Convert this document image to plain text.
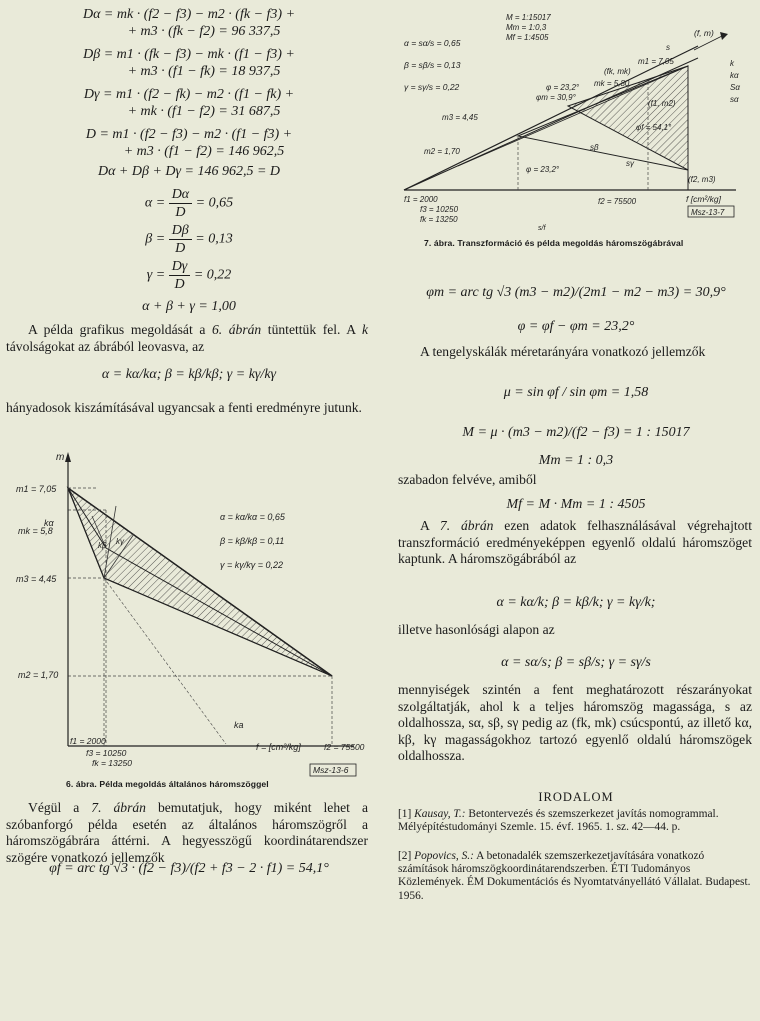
Dα = mk · (f2 − f3) − m2 · (fk − f3) +
+ m3 · (fk − f2) = 96 337,5
Dβ = m1 · (fk − f3) − mk · (f1 − f3) +
+ m3 · (f1 − fk) = 18 937,5
Dγ = m1 · (f2 − fk) − m2 · (f1 − fk) +
+ mk · (f1 − f2) = 31 687,5
D = m1 · (f2 − f3) − m2 · (f1 − f3) +
+ m3 · (f1 − f2) = 146 962,5
Dα + Dβ + Dγ = 146 962,5 = D
$\alpha = \frac{D\alpha}{D} = 0,65$
$\beta = \frac{D\beta}{D} = 0,13$
$\gamma = \frac{D\gamma}{D} = 0,22$
α + β + γ = 1,00
A példa grafikus megoldását a 6. ábrán tüntettük fel. A k távolságokat az ábrából leovasva, az
α = kα/kα; β = kβ/kβ; γ = kγ/kγ
hányadosok kiszámításával ugyancsak a fenti eredményre jutunk.
m
m1 = 7,05
mk = 5,8
m3 = 4,45
m2 = 1,70
f1 = 2000
f3 = 10250
fk = 13250
f2 = 75500
f = [cm²/kg]
kα
kβ kγ
ka
α = kα/kα = 0,65
β = kβ/kβ = 0,11
γ = kγ/kγ = 0,22
Msz-13-6
6. ábra. Példa megoldás általános háromszöggel
Végül a 7. ábrán bemutatjuk, hogy miként lehet a szóbanforgó példa esetén az általános háromszögről a háromszögábrára áttérni. A hegyesszögű koordinátarendszer szögére vonatkozó jellemzők
φf = arc tg √3 · (f2 − f3)/(f2 + f3 − 2 · f1) = 54,1°
α = sα/s = 0,65
β = sβ/s = 0,13
γ = sγ/s = 0,22
M = 1:15017
Mm = 1:0,3
Mf = 1:4505	(f, m)
m1 = 7,05
mk = 5,80
m3 = 4,45
m2 = 1,70
φ = 23,2°
φm = 30,9°
φf = 54,1°
φ = 23,2°
(fk, mk)
s
sβ
sγ
k
kα
Sα
sα
(f1, m2)
(f2, m3)
f1 = 2000
f3 = 10250
fk = 13250
f2 = 75500	f [cm²/kg]
Msz-13-7
s/f
7. ábra. Transzformáció és példa megoldás háromszögábrával
φm = arc tg √3 (m3 − m2)/(2m1 − m2 − m3) = 30,9°
φ = φf − φm = 23,2°
A tengelyskálák méretarányára vonatkozó jellemzők
μ = sin φf / sin φm = 1,58
M = μ · (m3 − m2)/(f2 − f3) = 1 : 15017
Mm = 1 : 0,3
szabadon felvéve, amiből
Mf = M · Mm = 1 : 4505
A 7. ábrán ezen adatok felhasználásával végrehajtott transzformáció eredményeképpen egyenlő oldalú háromszöget kaptunk. A háromszögábrából az
α = kα/k; β = kβ/k; γ = kγ/k;
illetve hasonlósági alapon az
α = sα/s; β = sβ/s; γ = sγ/s
mennyiségek szintén a fent meghatározott részarányokat szolgáltatják, ahol k a teljes háromszög magassága, s az oldalhossza, sα, sβ, sγ pedig az (fk, mk) csúcspontú, az illető kα, kβ, kγ magasságokhoz tartozó egyenlő oldalú háromszögek oldalhossza.
IRODALOM
[1] Kausay, T.: Betontervezés és szemszerkezet javítás nomogrammal. Mélyépítéstudományi Szemle. 15. évf. 1965. 1. sz. 42—44. p.
[2] Popovics, S.: A betonadalék szemszerkezetjavítására vonatkozó számítások háromszögkoordinátarendszerben. ÉTI Tudományos Közlemények. ÉM Dokumentációs és Nyomtatványellátó Vállalat. Budapest. 1956.
